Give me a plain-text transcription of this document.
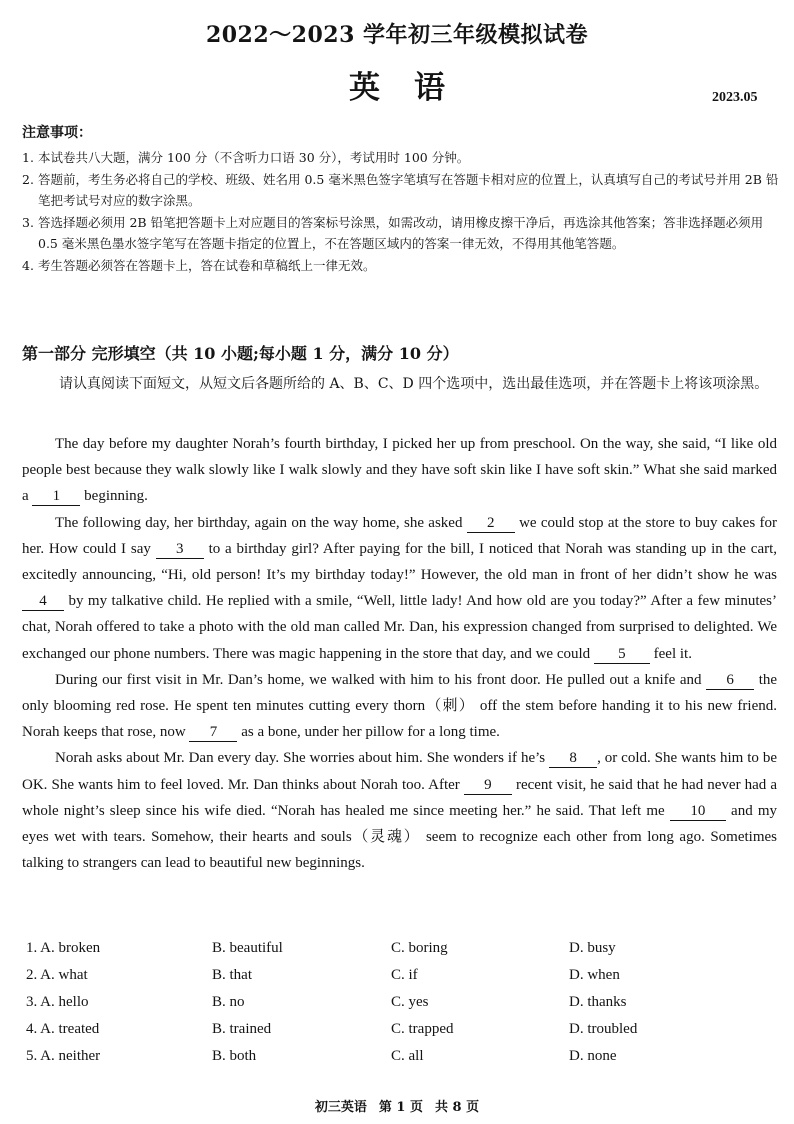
2022～2023 学年初三年级模拟试卷
英语	2023.05
注意事项：
1. 本试卷共八大题，满分 100 分（不含听力口语 30 分），考试用时 100 分钟。
2. 答题前，考生务必将自己的学校、班级、姓名用 0.5 毫米黑色签字笔填写在答题卡相对应的位置上，认真填写自己的考试号并用 2B 铅笔把考试号对应的数字涂黑。
3. 答选择题必须用 2B 铅笔把答题卡上对应题目的答案标号涂黑，如需改动，请用橡皮擦干净后，再选涂其他答案；答非选择题必须用 0.5 毫米黑色墨水签字笔写在答题卡指定的位置上，不在答题区域内的答案一律无效，不得用其他笔答题。
4. 考生答题必须答在答题卡上，答在试卷和草稿纸上一律无效。
第一部分 完形填空（共 10 小题;每小题 1 分，满分 10 分）
请认真阅读下面短文，从短文后各题所给的 A、B、C、D 四个选项中，选出最佳选项，并在答题卡上将该项涂黑。

The day before my daughter Norah’s fourth birthday, I picked her up from preschool. On the way, she said, “I like old people best because they walk slowly like I walk slowly and they have soft skin like I have soft skin.” What she said marked a 1 beginning.

The following day, her birthday, again on the way home, she asked 2 we could stop at the store to buy cakes for her. How could I say 3 to a birthday girl? After paying for the bill, I noticed that Norah was standing up in the cart, excitedly announcing, “Hi, old person! It’s my birthday today!” However, the old man in front of her didn’t show he was 4 by my talkative child. He replied with a smile, “Well, little lady! And how old are you today?” After a few minutes’ chat, Norah offered to take a photo with the old man called Mr. Dan, his expression changed from surprised to delighted. We exchanged our phone numbers. There was magic happening in the store that day, and we could 5 feel it.

During our first visit in Mr. Dan’s home, we walked with him to his front door. He pulled out a knife and 6 the only blooming red rose. He spent ten minutes cutting every thorn（刺） off the stem before handing it to his new friend. Norah keeps that rose, now 7 as a bone, under her pillow for a long time.

Norah asks about Mr. Dan every day. She worries about him. She wonders if he’s 8 , or cold. She wants him to be OK. She wants him to feel loved. Mr. Dan thinks about Norah too. After 9 recent visit, he said that he had never had a whole night’s sleep since his wife died. “Norah has healed me since meeting her.” he said. That left me 10 and my eyes wet with tears. Somehow, their hearts and souls（灵魂） seem to recognize each other from long ago. Sometimes talking to strangers can lead to beautiful new beginnings.

1. A. broken	B. beautiful	C. boring	D. busy
2. A. what	B. that	C. if	D. when
3. A. hello	B. no	C. yes	D. thanks
4. A. treated	B. trained	C. trapped	D. troubled
5. A. neither	B. both	C. all	D. none
初三英语 第 1 页 共 8 页
